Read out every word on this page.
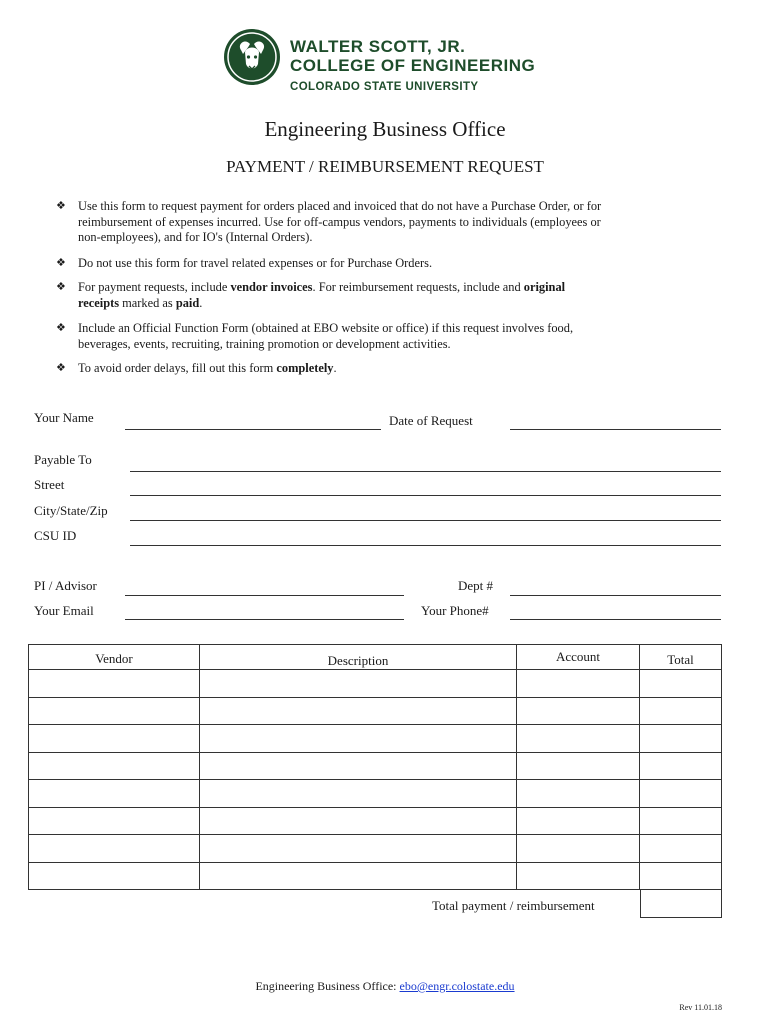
WALTER SCOTT, JR.
COLLEGE OF ENGINEERING
COLORADO STATE UNIVERSITY
Engineering Business Office
PAYMENT / REIMBURSEMENT REQUEST
❖ Use this form to request payment for orders placed and invoiced that do not have a Purchase Order, or for
reimbursement of expenses incurred. Use for off-campus vendors, payments to individuals (employees or
non-employees), and for IO's (Internal Orders).
❖ Do not use this form for travel related expenses or for Purchase Orders.
❖ For payment requests, include vendor invoices. For reimbursement requests, include and original
receipts marked as paid.
❖ Include an Official Function Form (obtained at EBO website or office) if this request involves food,
beverages, events, recruiting, training promotion or development activities.
❖ To avoid order delays, fill out this form completely.
Your Name	Date of Request
Payable To
Street
City/State/Zip
CSU ID
PI / Advisor	Dept #
Your Email	Your Phone#
Vendor	Description	Account	Total

Total payment / reimbursement
Engineering Business Office: ebo@engr.colostate.edu
Rev 11.01.18
